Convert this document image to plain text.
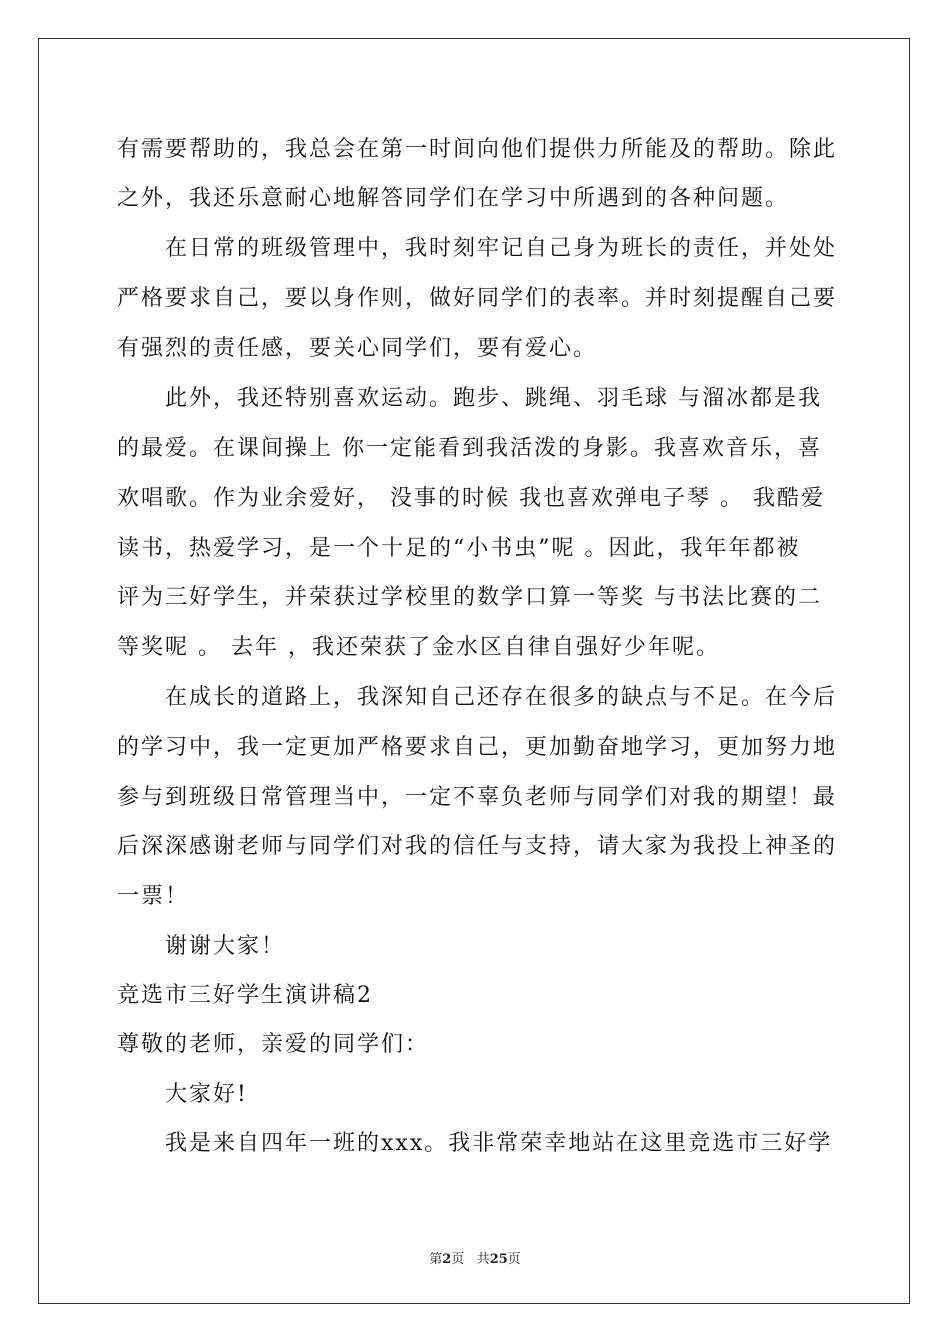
有需要帮助的，我总会在第一时间向他们提供力所能及的帮助。除此
之外，我还乐意耐心地解答同学们在学习中所遇到的各种问题。
在日常的班级管理中，我时刻牢记自己身为班长的责任，并处处
严格要求自己，要以身作则，做好同学们的表率。并时刻提醒自己要
有强烈的责任感，要关心同学们，要有爱心。
此外，我还特别喜欢运动。跑步、跳绳、羽毛球 与溜冰都是我
的最爱。在课间操上 你一定能看到我活泼的身影。我喜欢音乐，喜
欢唱歌。作为业余爱好， 没事的时候 我也喜欢弹电子琴 。 我酷爱
读书，热爱学习，是一个十足的“小书虫”呢 。因此，我年年都被
评为三好学生，并荣获过学校里的数学口算一等奖 与书法比赛的二
等奖呢 。 去年 ，我还荣获了金水区自律自强好少年呢。
在成长的道路上，我深知自己还存在很多的缺点与不足。在今后
的学习中，我一定更加严格要求自己，更加勤奋地学习，更加努力地
参与到班级日常管理当中，一定不辜负老师与同学们对我的期望！最
后深深感谢老师与同学们对我的信任与支持，请大家为我投上神圣的
一票！
谢谢大家！
竞选市三好学生演讲稿2
尊敬的老师，亲爱的同学们：
大家好!
我是来自四年一班的xxx。我非常荣幸地站在这里竞选市三好学
第2页 共25页
